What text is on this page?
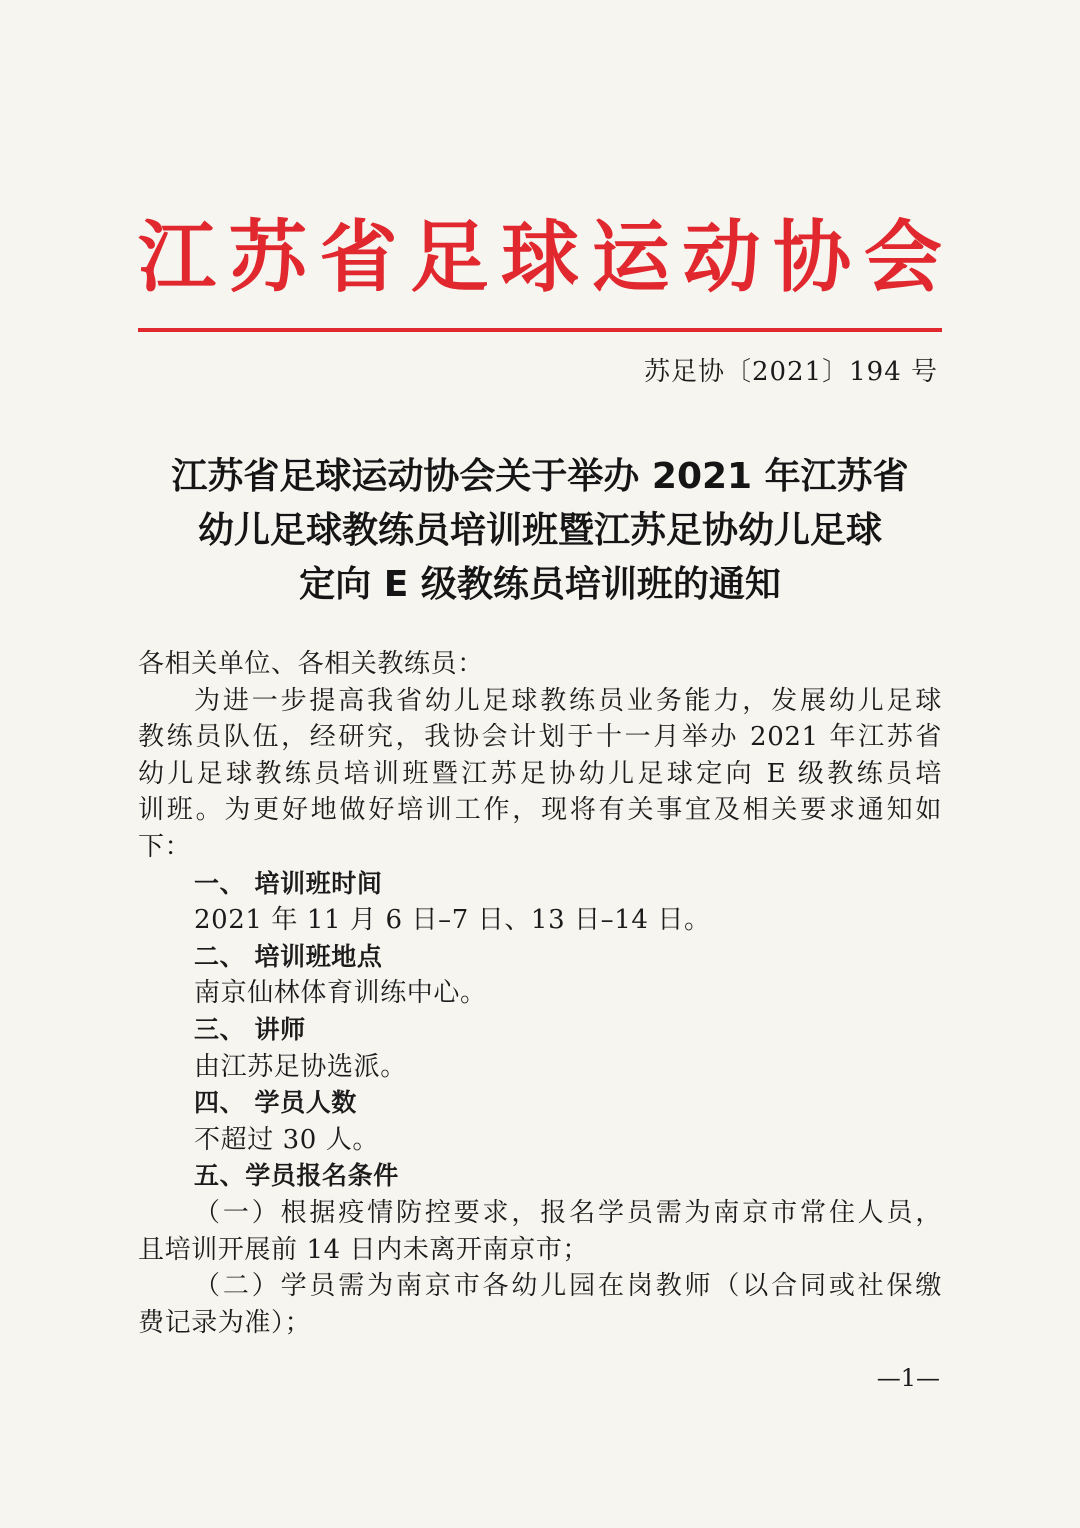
江 苏 省 足 球 运 动 协 会
苏足协〔2021〕194 号
江苏省足球运动协会关于举办 2021 年江苏省
幼儿足球教练员培训班暨江苏足协幼儿足球
定向 E 级教练员培训班的通知
各相关单位、各相关教练员：
为进一步提高我省幼儿足球教练员业务能力，发展幼儿足球
教练员队伍，经研究，我协会计划于十一月举办 2021 年江苏省
幼儿足球教练员培训班暨江苏足协幼儿足球定向 E 级教练员培
训班。为更好地做好培训工作，现将有关事宜及相关要求通知如
下：
一、 培训班时间
2021 年 11 月 6 日–7 日、13 日–14 日。
二、 培训班地点
南京仙林体育训练中心。
三、 讲师
由江苏足协选派。
四、 学员人数
不超过 30 人。
五、学员报名条件
（一）根据疫情防控要求，报名学员需为南京市常住人员，
且培训开展前 14 日内未离开南京市；
（二）学员需为南京市各幼儿园在岗教师（以合同或社保缴
费记录为准）；
—1—
